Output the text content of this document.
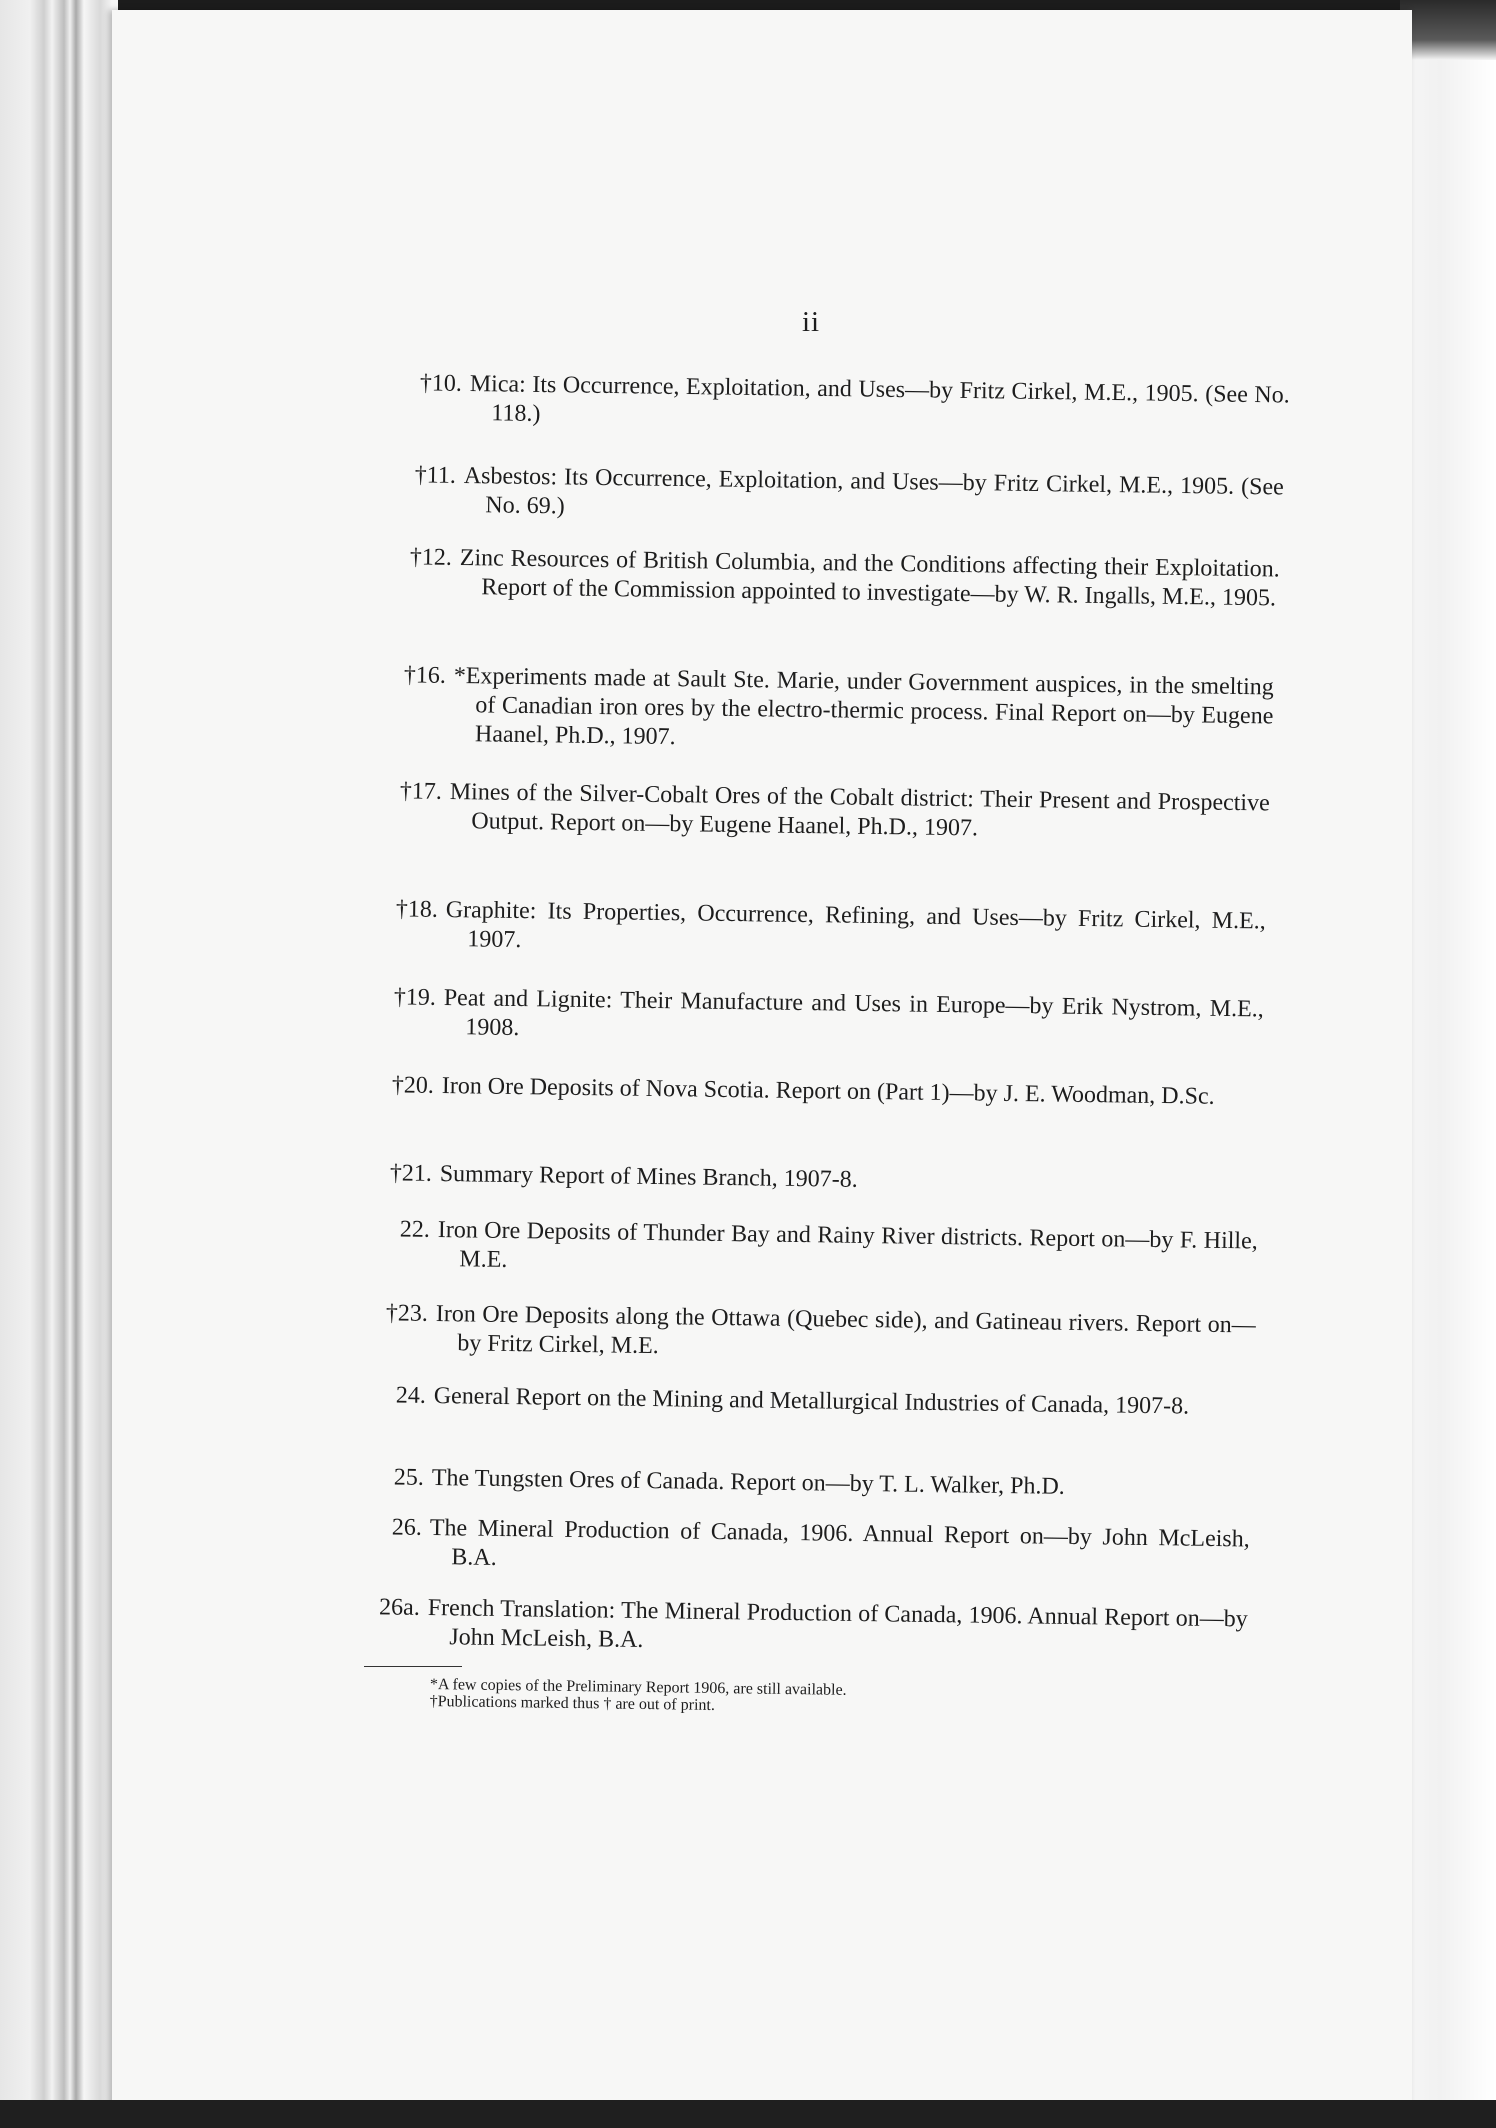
ii
†10. Mica: Its Occurrence, Exploitation, and Uses—by Fritz Cirkel, M.E., 1905. (See No. 118.)
†11. Asbestos: Its Occurrence, Exploitation, and Uses—by Fritz Cirkel, M.E., 1905. (See No. 69.)
†12. Zinc Resources of British Columbia, and the Conditions affecting their Exploitation. Report of the Commission appointed to investigate—by W. R. Ingalls, M.E., 1905.
†16. *Experiments made at Sault Ste. Marie, under Government auspices, in the smelting of Canadian iron ores by the electro-thermic process. Final Report on—by Eugene Haanel, Ph.D., 1907.
†17. Mines of the Silver-Cobalt Ores of the Cobalt district: Their Present and Prospective Output. Report on—by Eugene Haanel, Ph.D., 1907.
†18. Graphite: Its Properties, Occurrence, Refining, and Uses—by Fritz Cirkel, M.E., 1907.
†19. Peat and Lignite: Their Manufacture and Uses in Europe—by Erik Nystrom, M.E., 1908.
†20. Iron Ore Deposits of Nova Scotia. Report on (Part 1)—by J. E. Woodman, D.Sc.
†21. Summary Report of Mines Branch, 1907-8.
22. Iron Ore Deposits of Thunder Bay and Rainy River districts. Report on—by F. Hille, M.E.
†23. Iron Ore Deposits along the Ottawa (Quebec side), and Gatineau rivers. Report on—by Fritz Cirkel, M.E.
24. General Report on the Mining and Metallurgical Industries of Canada, 1907-8.
25. The Tungsten Ores of Canada. Report on—by T. L. Walker, Ph.D.
26. The Mineral Production of Canada, 1906. Annual Report on—by John McLeish, B.A.
26a. French Translation: The Mineral Production of Canada, 1906. Annual Report on—by John McLeish, B.A.
*A few copies of the Preliminary Report 1906, are still available.
†Publications marked thus † are out of print.
